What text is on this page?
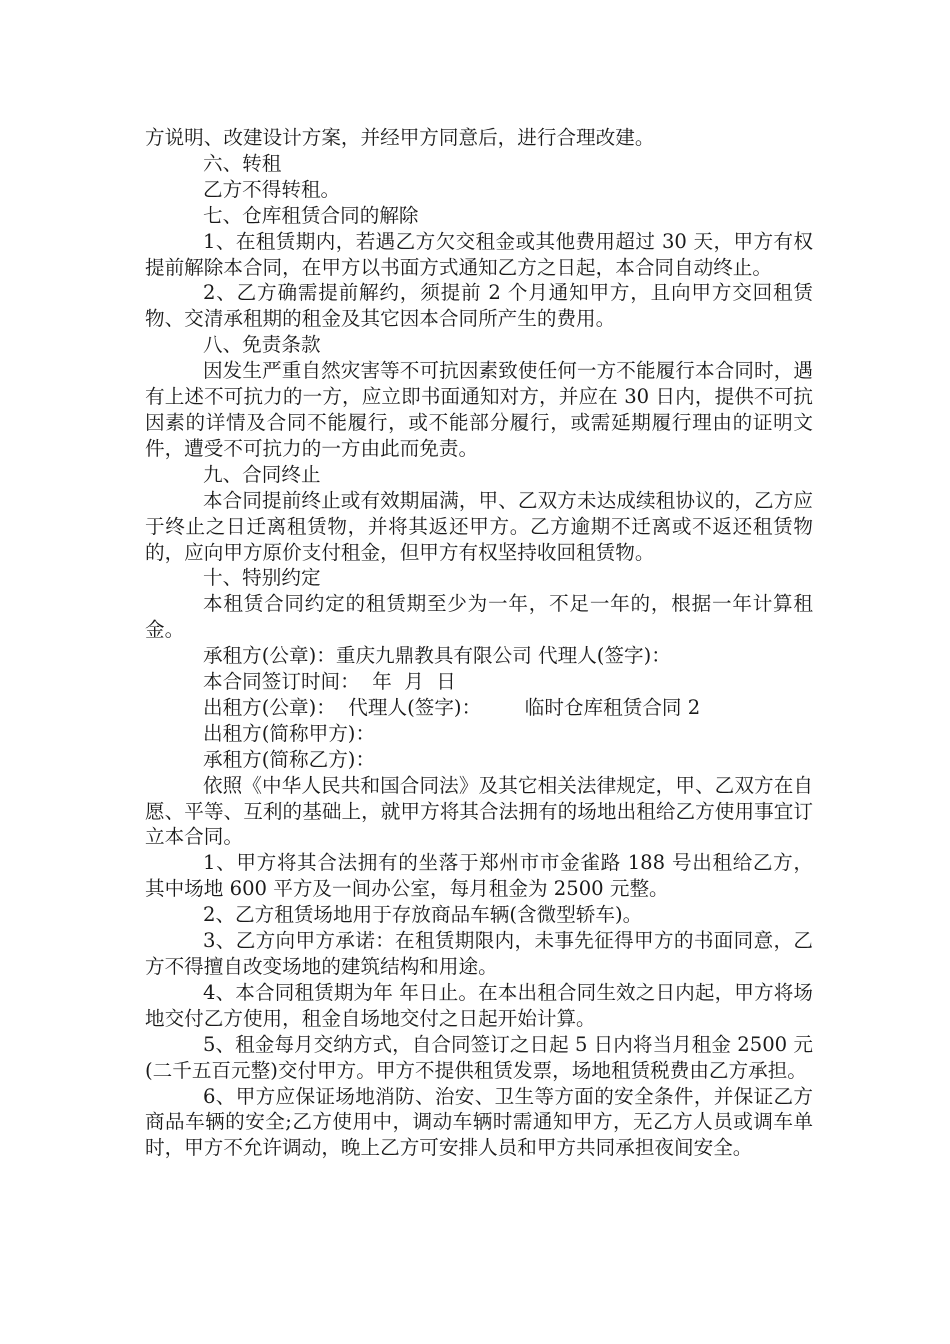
方说明、改建设计方案，并经甲方同意后，进行合理改建。

六、转租

乙方不得转租。

七、仓库租赁合同的解除

1、在租赁期内，若遇乙方欠交租金或其他费用超过 30 天，甲方有权提前解除本合同，在甲方以书面方式通知乙方之日起，本合同自动终止。

2、乙方确需提前解约，须提前 2 个月通知甲方，且向甲方交回租赁物、交清承租期的租金及其它因本合同所产生的费用。

八、免责条款

因发生严重自然灾害等不可抗因素致使任何一方不能履行本合同时，遇有上述不可抗力的一方，应立即书面通知对方，并应在 30 日内，提供不可抗因素的详情及合同不能履行，或不能部分履行，或需延期履行理由的证明文件，遭受不可抗力的一方由此而免责。

九、合同终止

本合同提前终止或有效期届满，甲、乙双方未达成续租协议的，乙方应于终止之日迁离租赁物，并将其返还甲方。乙方逾期不迁离或不返还租赁物的，应向甲方原价支付租金，但甲方有权坚持收回租赁物。

十、特别约定

本租赁合同约定的租赁期至少为一年，不足一年的，根据一年计算租金。

承租方(公章)：重庆九鼎教具有限公司 代理人(签字)：

本合同签订时间：  年  月  日

出租方(公章)：  代理人(签字)：       临时仓库租赁合同 2

出租方(简称甲方)：

承租方(简称乙方)：

依照《中华人民共和国合同法》及其它相关法律规定，甲、乙双方在自愿、平等、互利的基础上，就甲方将其合法拥有的场地出租给乙方使用事宜订立本合同。

1、甲方将其合法拥有的坐落于郑州市市金雀路 188 号出租给乙方，其中场地 600 平方及一间办公室，每月租金为 2500 元整。

2、乙方租赁场地用于存放商品车辆(含微型轿车)。

3、乙方向甲方承诺：在租赁期限内，未事先征得甲方的书面同意，乙方不得擅自改变场地的建筑结构和用途。

4、本合同租赁期为年 年日止。在本出租合同生效之日内起，甲方将场地交付乙方使用，租金自场地交付之日起开始计算。

5、租金每月交纳方式，自合同签订之日起 5 日内将当月租金 2500 元(二千五百元整)交付甲方。甲方不提供租赁发票，场地租赁税费由乙方承担。

6、甲方应保证场地消防、治安、卫生等方面的安全条件，并保证乙方商品车辆的安全;乙方使用中，调动车辆时需通知甲方，无乙方人员或调车单时，甲方不允许调动，晚上乙方可安排人员和甲方共同承担夜间安全。
